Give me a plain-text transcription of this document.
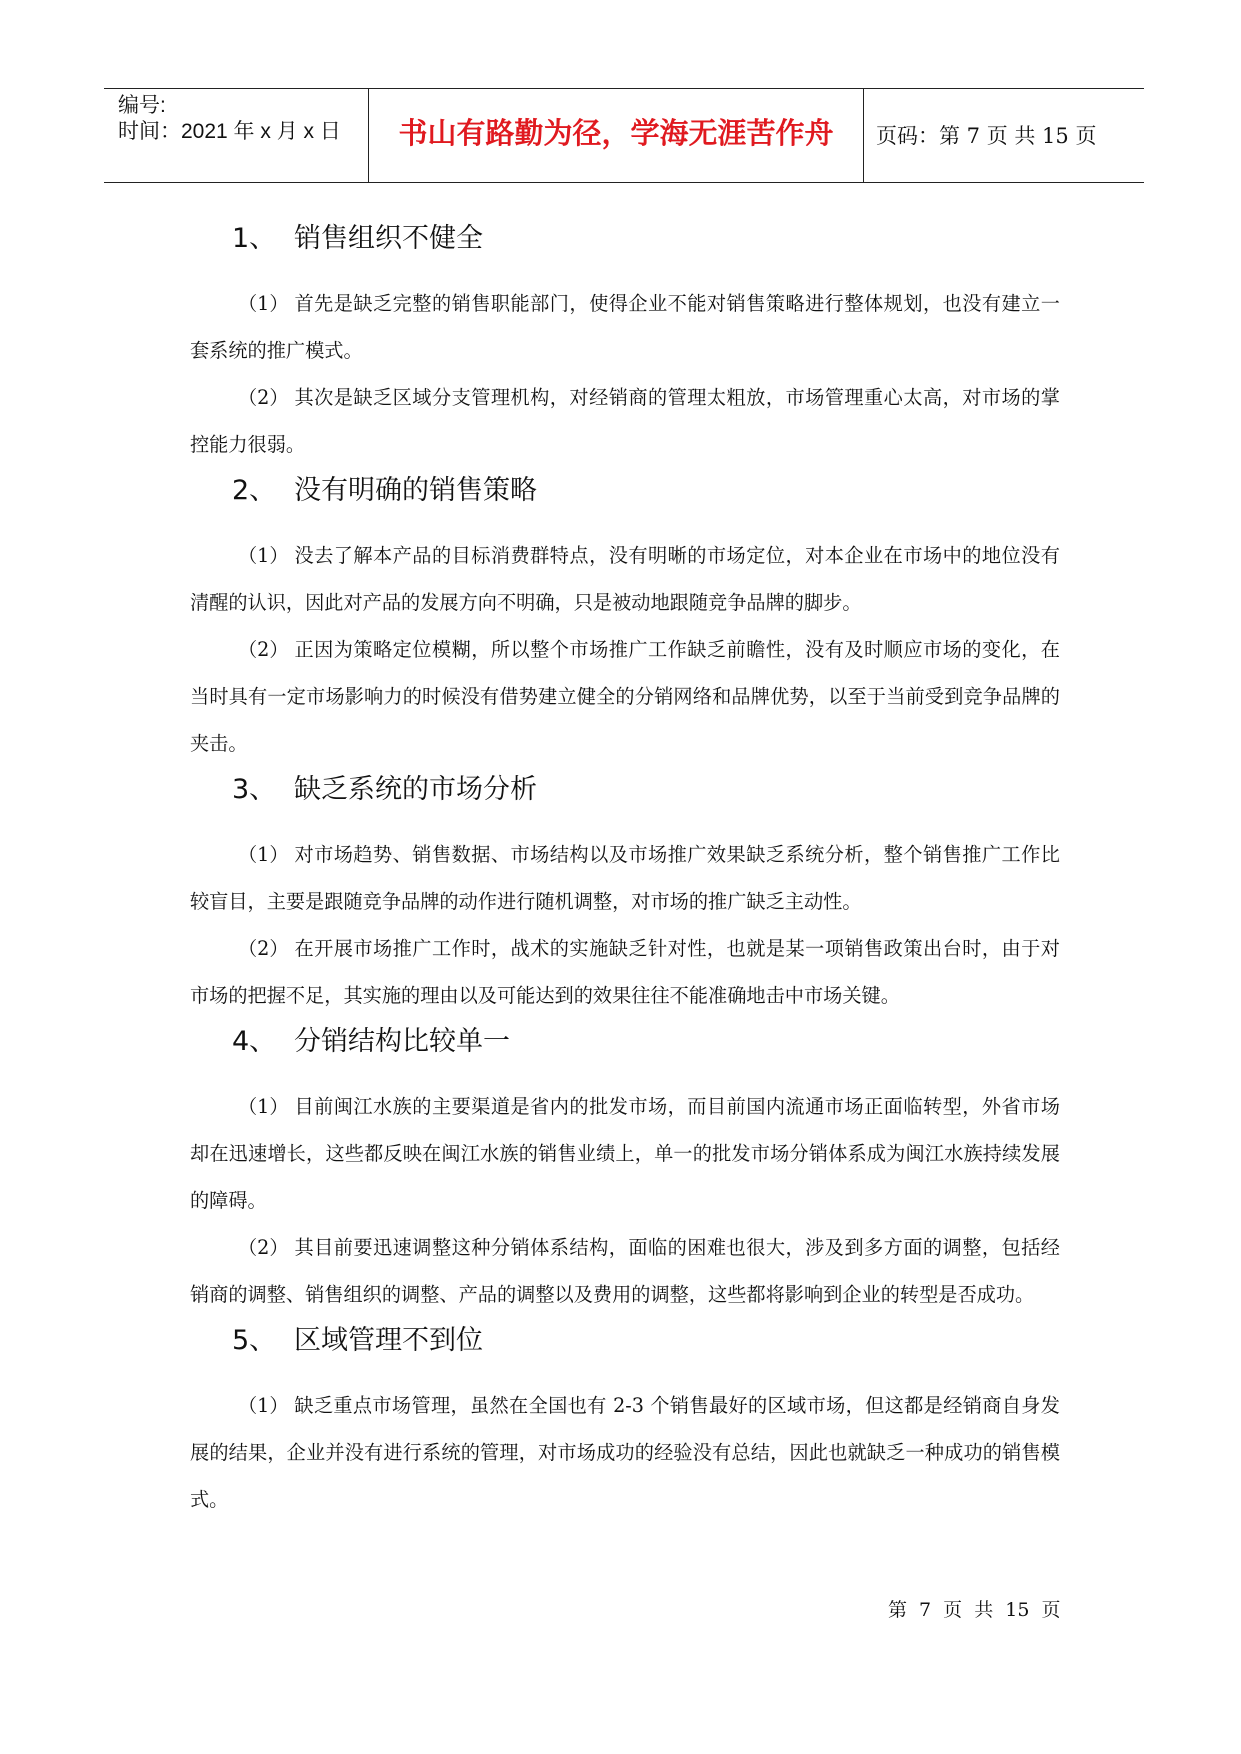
编号:
时间：2021 年 x 月 x 日	书山有路勤为径，学海无涯苦作舟	页码：第 7 页 共 15 页
1、 销售组织不健全

（1） 首先是缺乏完整的销售职能部门，使得企业不能对销售策略进行整体规划，也没有建立一套系统的推广模式。

（2） 其次是缺乏区域分支管理机构，对经销商的管理太粗放，市场管理重心太高，对市场的掌控能力很弱。

2、 没有明确的销售策略

（1） 没去了解本产品的目标消费群特点，没有明晰的市场定位，对本企业在市场中的地位没有清醒的认识，因此对产品的发展方向不明确，只是被动地跟随竞争品牌的脚步。

（2） 正因为策略定位模糊，所以整个市场推广工作缺乏前瞻性，没有及时顺应市场的变化，在当时具有一定市场影响力的时候没有借势建立健全的分销网络和品牌优势，以至于当前受到竞争品牌的夹击。

3、 缺乏系统的市场分析

（1） 对市场趋势、销售数据、市场结构以及市场推广效果缺乏系统分析，整个销售推广工作比较盲目，主要是跟随竞争品牌的动作进行随机调整，对市场的推广缺乏主动性。

（2） 在开展市场推广工作时，战术的实施缺乏针对性，也就是某一项销售政策出台时，由于对市场的把握不足，其实施的理由以及可能达到的效果往往不能准确地击中市场关键。

4、 分销结构比较单一

（1） 目前闽江水族的主要渠道是省内的批发市场，而目前国内流通市场正面临转型，外省市场却在迅速增长，这些都反映在闽江水族的销售业绩上，单一的批发市场分销体系成为闽江水族持续发展的障碍。

（2） 其目前要迅速调整这种分销体系结构，面临的困难也很大，涉及到多方面的调整，包括经销商的调整、销售组织的调整、产品的调整以及费用的调整，这些都将影响到企业的转型是否成功。

5、 区域管理不到位

（1） 缺乏重点市场管理，虽然在全国也有 2-3 个销售最好的区域市场，但这都是经销商自身发展的结果，企业并没有进行系统的管理，对市场成功的经验没有总结，因此也就缺乏一种成功的销售模式。

第 7 页 共 15 页
